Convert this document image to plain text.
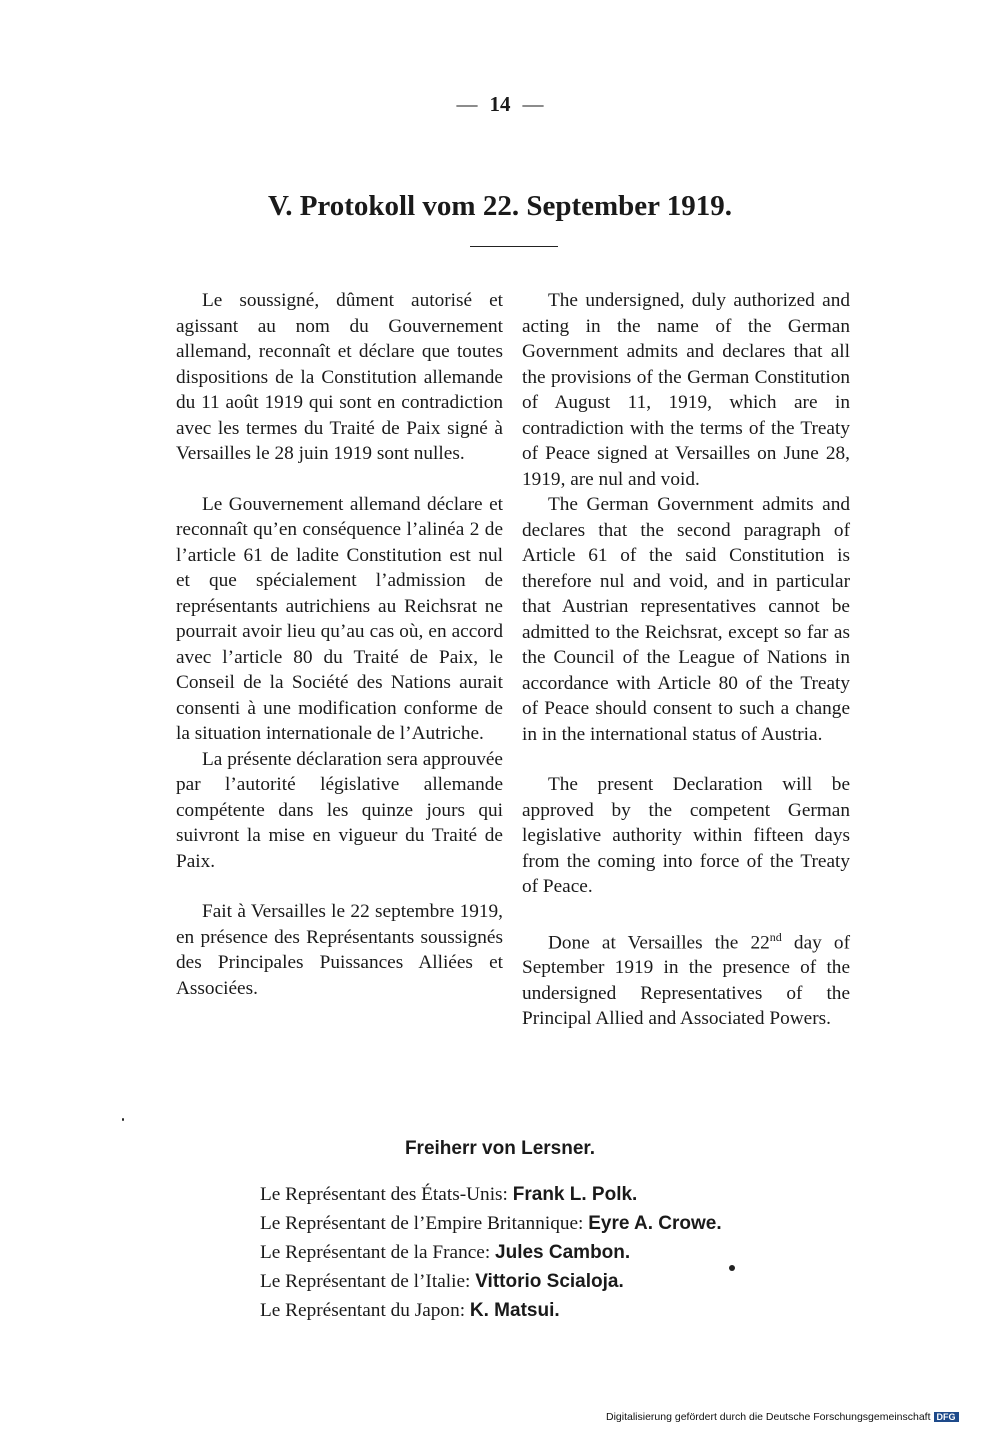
— 14 —
V. Protokoll vom 22. September 1919.

Le soussigné, dûment autorisé et agissant au nom du Gouvernement allemand, reconnaît et déclare que toutes dispositions de la Constitution allemande du 11 août 1919 qui sont en contradiction avec les termes du Traité de Paix signé à Versailles le 28 juin 1919 sont nulles.

Le Gouvernement allemand déclare et reconnaît qu’en conséquence l’alinéa 2 de l’article 61 de ladite Constitution est nul et que spécialement l’admission de représentants autrichiens au Reichsrat ne pourrait avoir lieu qu’au cas où, en accord avec l’article 80 du Traité de Paix, le Conseil de la Société des Nations aurait consenti à une modification conforme de la situation internationale de l’Autriche.

La présente déclaration sera approuvée par l’autorité législative allemande compétente dans les quinze jours qui suivront la mise en vigueur du Traité de Paix.

Fait à Versailles le 22 septembre 1919, en présence des Représentants soussignés des Principales Puissances Alliées et Associées.

The undersigned, duly authorized and acting in the name of the German Government admits and declares that all the provisions of the German Constitution of August 11, 1919, which are in contradiction with the terms of the Treaty of Peace signed at Versailles on June 28, 1919, are nul and void.

The German Government admits and declares that the second paragraph of Article 61 of the said Constitution is therefore nul and void, and in particular that Austrian representatives cannot be admitted to the Reichsrat, except so far as the Council of the League of Nations in accordance with Article 80 of the Treaty of Peace should consent to such a change in in the international status of Austria.

The present Declaration will be approved by the competent German legislative authority within fifteen days from the coming into force of the Treaty of Peace.

Done at Versailles the 22nd day of September 1919 in the presence of the undersigned Representatives of the Principal Allied and Associated Powers.

Freiherr von Lersner.
Le Représentant des États-Unis: Frank L. Polk.
Le Représentant de l’Empire Britannique: Eyre A. Crowe.
Le Représentant de la France: Jules Cambon.
Le Représentant de l’Italie: Vittorio Scialoja.
Le Représentant du Japon: K. Matsui.
Digitalisierung gefördert durch die Deutsche Forschungsgemeinschaft DFG
